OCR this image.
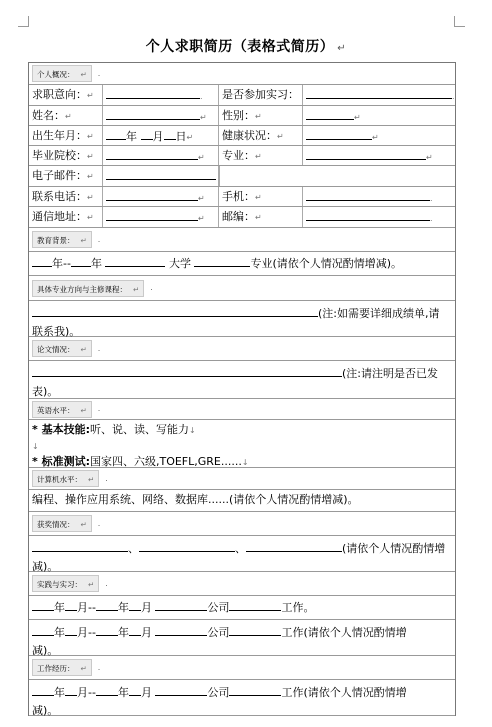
个人求职简历（表格式简历） ↵
个人概况： ↵	.
求职意向：↵	.	是否参加实习：	.
姓名：↵	↵	性别：↵	↵
出生年月：↵	年 月 日↵	健康状况：↵	↵
毕业院校：↵	↵	专业：↵	↵
电子邮件：↵
联系电话：↵	↵	手机：↵	.
通信地址：↵	↵	邮编：↵	.
教育背景： ↵	.
年-- 年	大学	专业(请依个人情况酌情增减)。
具体专业方向与主修课程： ↵	.
(注:如需要详细成绩单,请
联系我)。
论文情况： ↵	.
(注:请注明是否已发
表)。
英语水平： ↵	.
* 基本技能:听、说、读、写能力↓
↓
* 标准测试:国家四、六级,TOEFL,GRE......↓
计算机水平： ↵	.
编程、操作应用系统、网络、数据库......(请依个人情况酌情增减)。
获奖情况： ↵	.
、	、	(请依个人情况酌情增
减)。
实践与实习： ↵	.
年 月-- 年 月	公司	工作。
年 月-- 年 月	公司	工作(请依个人情况酌情增
减)。
工作经历： ↵	.
年 月-- 年 月	公司	工作(请依个人情况酌情增
减)。
